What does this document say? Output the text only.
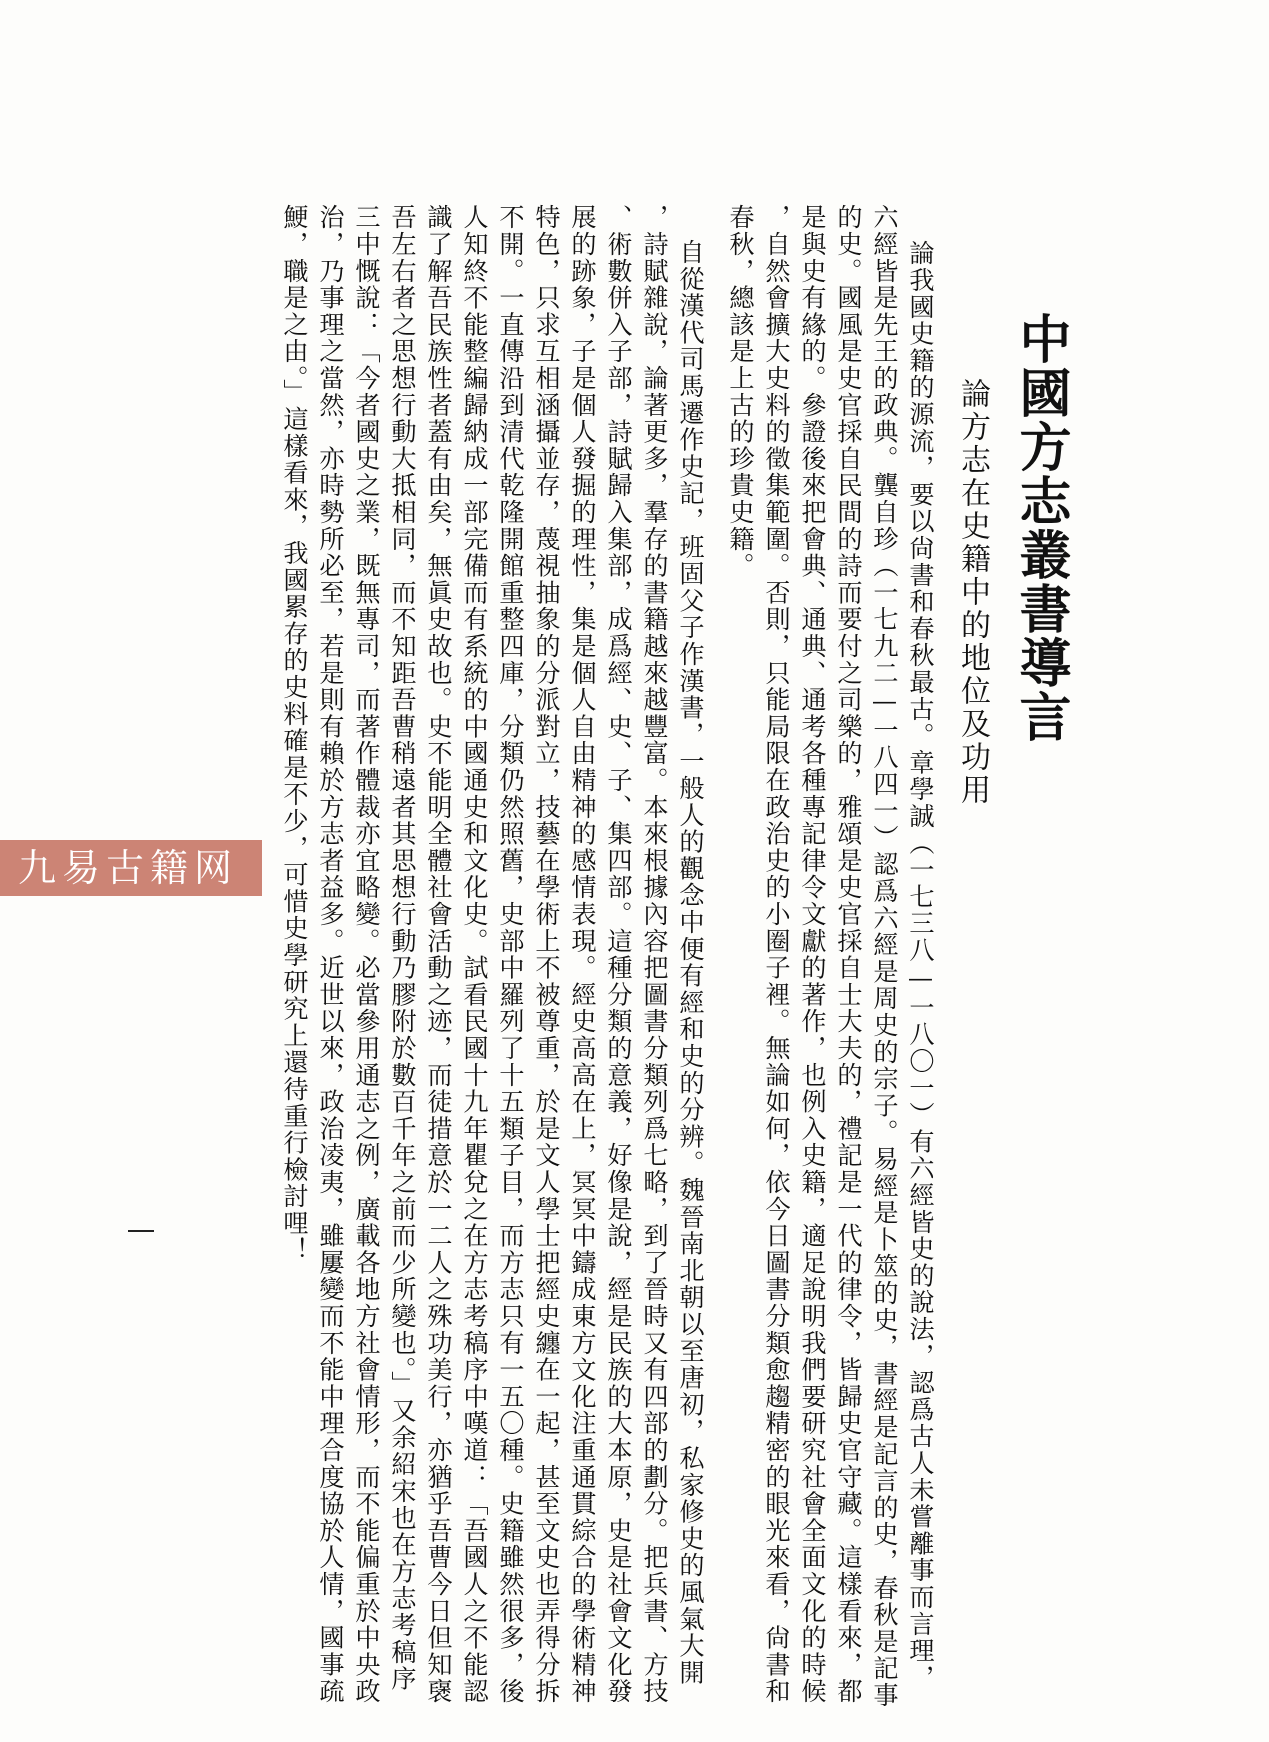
中國方志叢書導言
論方志在史籍中的地位及功用
論我國史籍的源流，要以尙書和春秋最古。章學誠（一七三八—一八〇一）有六經皆史的說法，認爲古人未嘗離事而言理，
六經皆是先王的政典。龔自珍（一七九二—一八四一）認爲六經是周史的宗子。易經是卜筮的史，書經是記言的史，春秋是記事
的史。國風是史官採自民間的詩而要付之司樂的，雅頌是史官採自士大夫的，禮記是一代的律令，皆歸史官守藏。這樣看來，都
是與史有緣的。參證後來把會典、通典、通考各種專記律令文獻的著作，也例入史籍，適足說明我們要研究社會全面文化的時候
，自然會擴大史料的徵集範圍。否則，只能局限在政治史的小圈子裡。無論如何，依今日圖書分類愈趨精密的眼光來看，尙書和
春秋，總該是上古的珍貴史籍。
　自從漢代司馬遷作史記，班固父子作漢書，一般人的觀念中便有經和史的分辨。魏晉南北朝以至唐初，私家修史的風氣大開
，詩賦雜說，論著更多，羣存的書籍越來越豐富。本來根據內容把圖書分類列爲七略，到了晉時又有四部的劃分。把兵書、方技
、術數併入子部，詩賦歸入集部，成爲經、史、子、集四部。這種分類的意義，好像是說，經是民族的大本原，史是社會文化發
展的跡象，子是個人發掘的理性，集是個人自由精神的感情表現。經史高高在上，冥冥中鑄成東方文化注重通貫綜合的學術精神
特色，只求互相涵攝並存，蔑視抽象的分派對立，技藝在學術上不被尊重，於是文人學士把經史纏在一起，甚至文史也弄得分拆
不開。一直傳沿到清代乾隆開館重整四庫，分類仍然照舊，史部中羅列了十五類子目，而方志只有一五〇種。史籍雖然很多，後
人知終不能整編歸納成一部完備而有系統的中國通史和文化史。試看民國十九年瞿兌之在方志考稿序中嘆道：「吾國人之不能認
識了解吾民族性者蓋有由矣，無眞史故也。史不能明全體社會活動之迹，而徒措意於一二人之殊功美行，亦猶乎吾曹今日但知襃
吾左右者之思想行動大抵相同，而不知距吾曹稍遠者其思想行動乃膠附於數百千年之前而少所變也。」又余紹宋也在方志考稿序
三中慨說：「今者國史之業，既無專司，而著作體裁亦宜略變。必當參用通志之例，廣載各地方社會情形，而不能偏重於中央政
治，乃事理之當然，亦時勢所必至，若是則有賴於方志者益多。近世以來，政治凌夷，雖屢變而不能中理合度協於人情，國事疏
鯁，職是之由。」這樣看來，我國累存的史料確是不少，可惜史學研究上還待重行檢討哩！
九易古籍网
